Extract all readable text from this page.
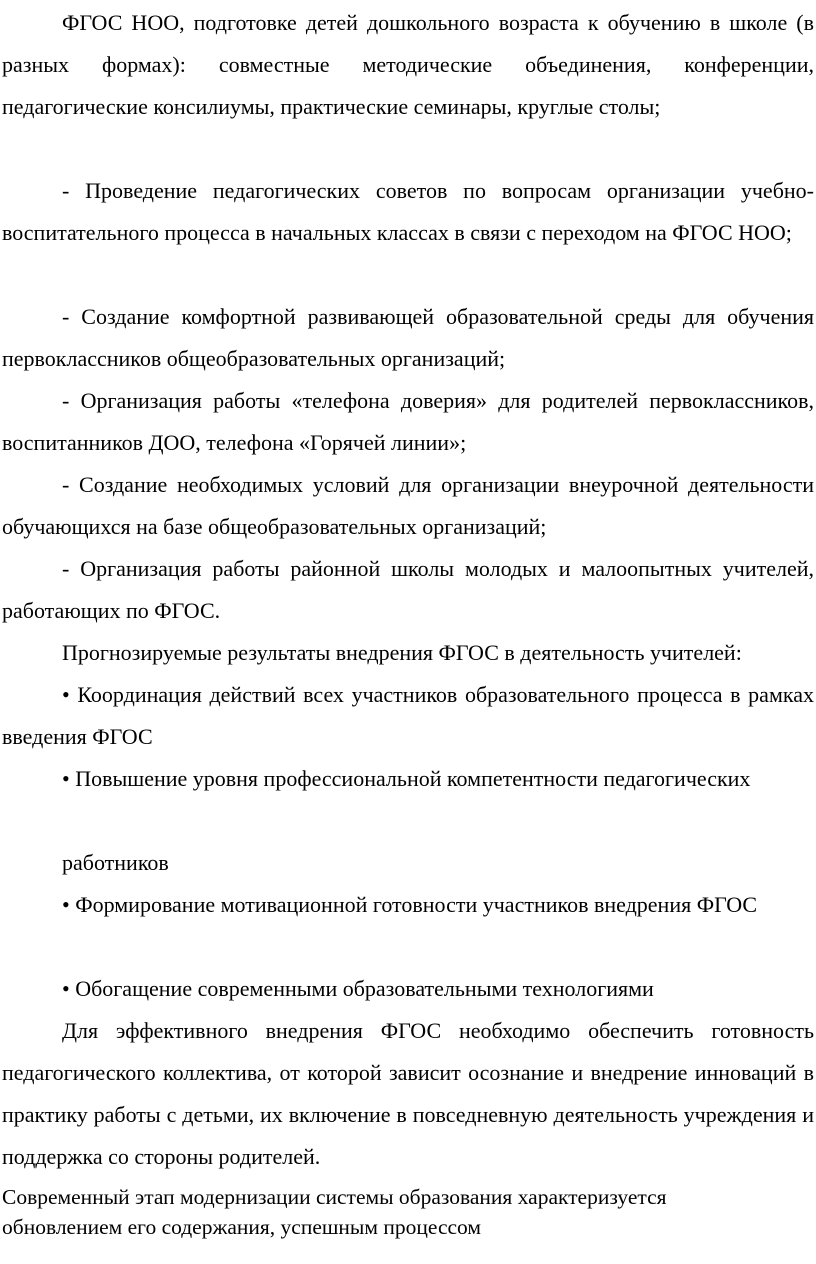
ФГОС НОО, подготовке детей дошкольного возраста к обучению в школе (в разных формах): совместные методические объединения, конференции, педагогические консилиумы, практические семинары, круглые столы;

- Проведение педагогических советов по вопросам организации учебно-воспитательного процесса в начальных классах в связи с переходом на ФГОС НОО;

- Создание комфортной развивающей образовательной среды для обучения первоклассников общеобразовательных организаций;

- Организация работы «телефона доверия» для родителей первоклассников, воспитанников ДОО, телефона «Горячей линии»;

- Создание необходимых условий для организации внеурочной деятельности обучающихся на базе общеобразовательных организаций;

- Организация работы районной школы молодых и малоопытных учителей, работающих по ФГОС.

Прогнозируемые результаты внедрения ФГОС в деятельность учителей:

• Координация действий всех участников образовательного процесса в рамках введения ФГОС

• Повышение уровня профессиональной компетентности педагогических

работников

• Формирование мотивационной готовности участников внедрения ФГОС

• Обогащение современными образовательными технологиями

Для эффективного внедрения ФГОС необходимо обеспечить готовность педагогического коллектива, от которой зависит осознание и внедрение инноваций в практику работы с детьми, их включение в повседневную деятельность учреждения и поддержка со стороны родителей.

Современный этап модернизации системы образования характеризуется обновлением его содержания, успешным процессом
